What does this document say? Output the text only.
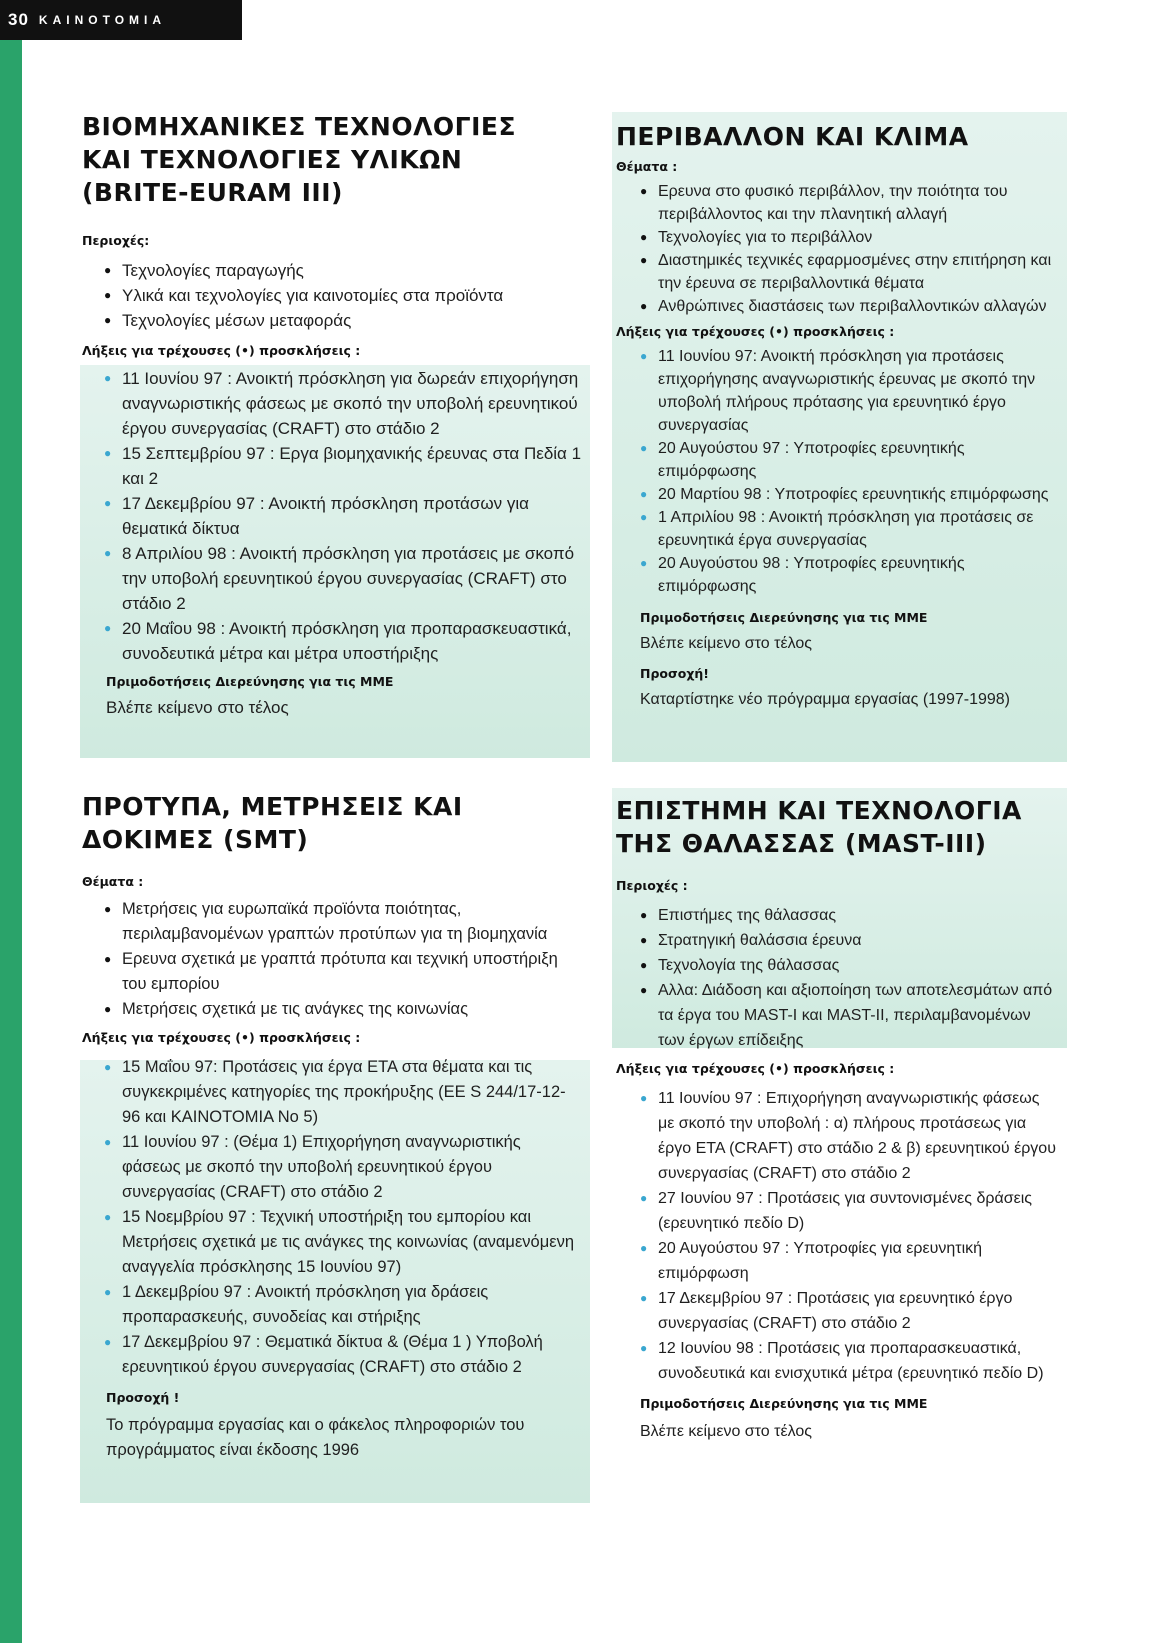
30 ΚΑΙΝΟΤΟΜΙΑ
ΒΙΟΜΗΧΑΝΙΚΕΣ ΤΕΧΝΟΛΟΓΙΕΣ
ΚΑΙ ΤΕΧΝΟΛΟΓΙΕΣ ΥΛΙΚΩΝ
(BRITE-EURAM III)

Περιοχές:

● Τεχνολογίες παραγωγής
● Υλικά και τεχνολογίες για καινοτομίες στα προϊόντα
● Τεχνολογίες μέσων μεταφοράς

Λήξεις για τρέχουσες (•) προσκλήσεις :

● 11 Ιουνίου 97 : Ανοικτή πρόσκληση για δωρεάν επιχορήγηση αναγνωριστικής φάσεως με σκοπό την υποβολή ερευνητικού έργου συνεργασίας (CRAFT) στο στάδιο 2
● 15 Σεπτεμβρίου 97 : Εργα βιομηχανικής έρευνας στα Πεδία 1 και 2
● 17 Δεκεμβρίου 97 : Ανοικτή πρόσκληση προτάσων για θεματικά δίκτυα
● 8 Απριλίου 98 : Ανοικτή πρόσκληση για προτάσεις με σκοπό την υποβολή ερευνητικού έργου συνεργασίας (CRAFT) στο στάδιο 2
● 20 Μαΐου 98 : Ανοικτή πρόσκληση για προπαρασκευαστικά, συνοδευτικά μέτρα και μέτρα υποστήριξης

Πριμοδοτήσεις Διερεύνησης για τις ΜΜΕ

Βλέπε κείμενο στο τέλος
ΠΕΡΙΒΑΛΛΟΝ ΚΑΙ ΚΛΙΜΑ

Θέματα :

● Ερευνα στο φυσικό περιβάλλον, την ποιότητα του περιβάλλοντος και την πλανητική αλλαγή
● Τεχνολογίες για το περιβάλλον
● Διαστημικές τεχνικές εφαρμοσμένες στην επιτήρηση και την έρευνα σε περιβαλλοντικά θέματα
● Ανθρώπινες διαστάσεις των περιβαλλοντικών αλλαγών

Λήξεις για τρέχουσες (•) προσκλήσεις :

● 11 Ιουνίου 97: Ανοικτή πρόσκληση για προτάσεις επιχορήγησης αναγνωριστικής έρευνας με σκοπό την υποβολή πλήρους πρότασης για ερευνητικό έργο συνεργασίας
● 20 Αυγούστου 97 : Υποτροφίες ερευνητικής επιμόρφωσης
● 20 Μαρτίου 98 : Υποτροφίες ερευνητικής επιμόρφωσης
● 1 Απριλίου 98 : Ανοικτή πρόσκληση για προτάσεις σε ερευνητικά έργα συνεργασίας
● 20 Αυγούστου 98 : Υποτροφίες ερευνητικής επιμόρφωσης

Πριμοδοτήσεις Διερεύνησης για τις ΜΜΕ

Βλέπε κείμενο στο τέλος

Προσοχή!

Καταρτίστηκε νέο πρόγραμμα εργασίας (1997-1998)
ΠΡΟΤΥΠΑ, ΜΕΤΡΗΣΕΙΣ ΚΑΙ
ΔΟΚΙΜΕΣ (SMT)

Θέματα :

● Μετρήσεις για ευρωπαϊκά προϊόντα ποιότητας, περιλαμβανομένων γραπτών προτύπων για τη βιομηχανία
● Ερευνα σχετικά με γραπτά πρότυπα και τεχνική υποστήριξη του εμπορίου
● Μετρήσεις σχετικά με τις ανάγκες της κοινωνίας

Λήξεις για τρέχουσες (•) προσκλήσεις :

● 15 Μαΐου 97: Προτάσεις για έργα ΕΤΑ στα θέματα και τις συγκεκριμένες κατηγορίες της προκήρυξης (ΕΕ S 244/17-12-96 και ΚΑΙΝΟΤΟΜΙΑ Νο 5)
● 11 Ιουνίου 97 : (Θέμα 1) Επιχορήγηση αναγνωριστικής φάσεως με σκοπό την υποβολή ερευνητικού έργου συνεργασίας (CRAFT) στο στάδιο 2
● 15 Νοεμβρίου 97 : Τεχνική υποστήριξη του εμπορίου και Μετρήσεις σχετικά με τις ανάγκες της κοινωνίας (αναμενόμενη αναγγελία πρόσκλησης 15 Ιουνίου 97)
● 1 Δεκεμβρίου 97 : Ανοικτή πρόσκληση για δράσεις προπαρασκευής, συνοδείας και στήριξης
● 17 Δεκεμβρίου 97 : Θεματικά δίκτυα & (Θέμα 1 ) Υποβολή ερευνητικού έργου συνεργασίας (CRAFT) στο στάδιο 2

Προσοχή !

Το πρόγραμμα εργασίας και ο φάκελος πληροφοριών του προγράμματος είναι έκδοσης 1996
ΕΠΙΣΤΗΜΗ ΚΑΙ ΤΕΧΝΟΛΟΓΙΑ
ΤΗΣ ΘΑΛΑΣΣΑΣ (MAST-III)

Περιοχές :

● Επιστήμες της θάλασσας
● Στρατηγική θαλάσσια έρευνα
● Τεχνολογία της θάλασσας
● Αλλα: Διάδοση και αξιοποίηση των αποτελεσμάτων από τα έργα του MAST-I και MAST-II, περιλαμβανομένων των έργων επίδειξης

Λήξεις για τρέχουσες (•) προσκλήσεις :

● 11 Ιουνίου 97 : Επιχορήγηση αναγνωριστικής φάσεως με σκοπό την υποβολή : α) πλήρους προτάσεως για έργο ΕΤΑ (CRAFT) στο στάδιο 2 & β) ερευνητικού έργου συνεργασίας (CRAFT) στο στάδιο 2
● 27 Ιουνίου 97 : Προτάσεις για συντονισμένες δράσεις (ερευνητικό πεδίο D)
● 20 Αυγούστου 97 : Υποτροφίες για ερευνητική επιμόρφωση
● 17 Δεκεμβρίου 97 : Προτάσεις για ερευνητικό έργο συνεργασίας (CRAFT) στο στάδιο 2
● 12 Ιουνίου 98 : Προτάσεις για προπαρασκευαστικά, συνοδευτικά και ενισχυτικά μέτρα (ερευνητικό πεδίο D)

Πριμοδοτήσεις Διερεύνησης για τις ΜΜΕ

Βλέπε κείμενο στο τέλος
